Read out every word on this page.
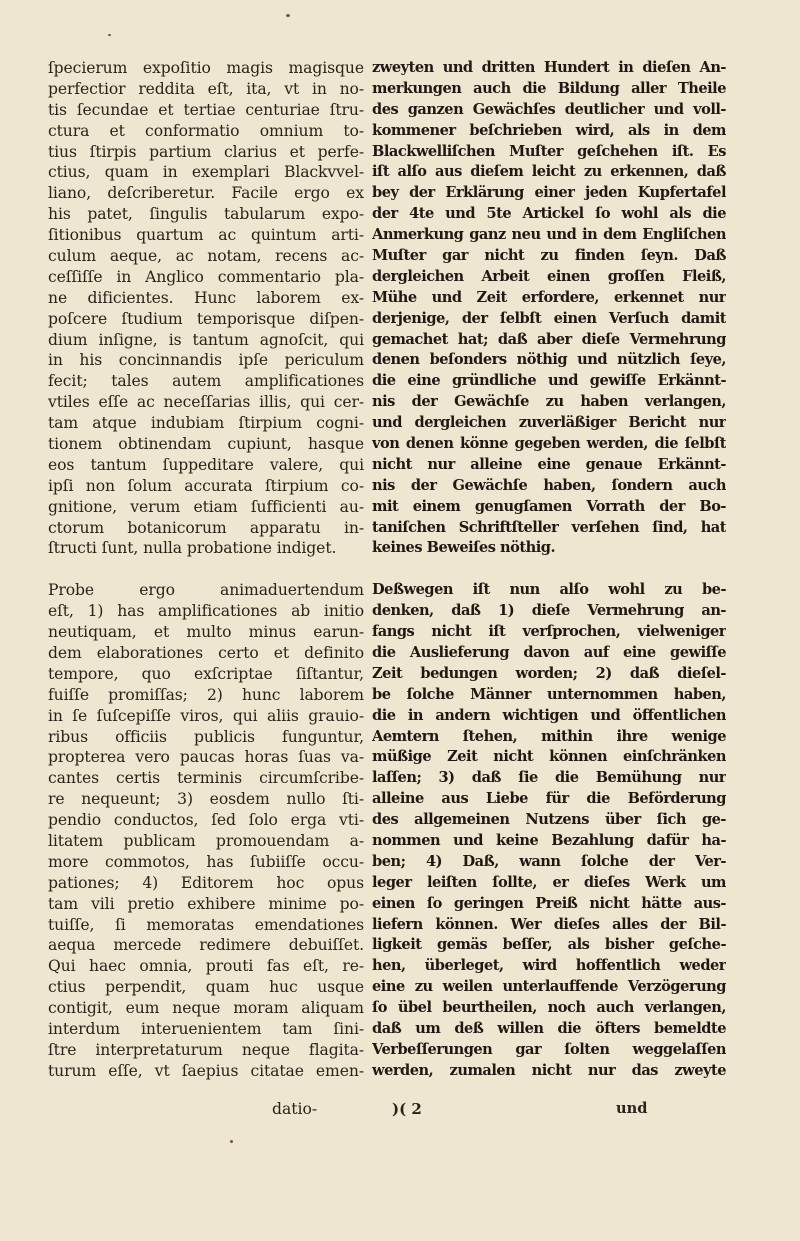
ſpecierum expoſitio magis magisque
perfectior reddita eſt, ita, vt in no-
tis ſecundae et tertiae centuriae ſtru-
ctura et conformatio omnium to-
tius ſtirpis partium clarius et perfe-
ctius, quam in exemplari Blackvvel-
liano, deſcriberetur. Facile ergo ex
his patet, ſingulis tabularum expo-
ſitionibus quartum ac quintum arti-
culum aeque, ac notam, recens ac-
ceſſiſſe in Anglico commentario pla-
ne dificientes. Hunc laborem ex-
poſcere ſtudium temporisque diſpen-
dium inſigne, is tantum agnoſcit, qui
in his concinnandis ipſe periculum
fecit; tales autem amplificationes
vtiles eſſe ac neceſſarias illis, qui cer-
tam atque indubiam ſtirpium cogni-
tionem obtinendam cupiunt, hasque
eos tantum ſuppeditare valere, qui
ipſi non ſolum accurata ſtirpium co-
gnitione, verum etiam ſufficienti au-
ctorum botanicorum apparatu in-
ſtructi ſunt, nulla probatione indiget.
Probe ergo animaduertendum
eſt, 1) has amplificationes ab initio
neutiquam, et multo minus earun-
dem elaborationes certo et definito
tempore, quo exſcriptae ſiſtantur,
fuiſſe promiſſas; 2) hunc laborem
in ſe ſuſcepiſſe viros, qui aliis grauio-
ribus officiis publicis funguntur,
propterea vero paucas horas ſuas va-
cantes certis terminis circumſcribe-
re nequeunt; 3) eosdem nullo ſti-
pendio conductos, ſed ſolo erga vti-
litatem publicam promouendam a-
more commotos, has ſubiiſſe occu-
pationes; 4) Editorem hoc opus
tam vili pretio exhibere minime po-
tuiſſe, ſi memoratas emendationes
aequa mercede redimere debuiſſet.
Qui haec omnia, prouti fas eſt, re-
ctius perpendit, quam huc usque
contigit, eum neque moram aliquam
interdum interuenientem tam ſini-
ſtre interpretaturum neque flagita-
turum eſſe, vt ſaepius citatae emen-
zweyten und dritten Hundert in dieſen An-
merkungen auch die Bildung aller Theile
des ganzen Gewächſes deutlicher und voll-
kommener beſchrieben wird, als in dem
Blackwelliſchen Muſter geſchehen iſt. Es
iſt alſo aus dieſem leicht zu erkennen, daß
bey der Erklärung einer jeden Kupfertafel
der 4te und 5te Artickel ſo wohl als die
Anmerkung ganz neu und in dem Engliſchen
Muſter gar nicht zu finden ſeyn. Daß
dergleichen Arbeit einen groſſen Fleiß,
Mühe und Zeit erfordere, erkennet nur
derjenige, der ſelbſt einen Verſuch damit
gemachet hat; daß aber dieſe Vermehrung
denen beſonders nöthig und nützlich ſeye,
die eine gründliche und gewiſſe Erkännt-
nis der Gewächſe zu haben verlangen,
und dergleichen zuverläßiger Bericht nur
von denen könne gegeben werden, die ſelbſt
nicht nur alleine eine genaue Erkännt-
nis der Gewächſe haben, ſondern auch
mit einem genugſamen Vorrath der Bo-
taniſchen Schriftſteller verſehen ſind, hat
keines Beweiſes nöthig.
Deßwegen iſt nun alſo wohl zu be-
denken, daß 1) dieſe Vermehrung an-
fangs nicht iſt verſprochen, vielweniger
die Auslieferung davon auf eine gewiſſe
Zeit bedungen worden; 2) daß dieſel-
be ſolche Männer unternommen haben,
die in andern wichtigen und öffentlichen
Aemtern ſtehen, mithin ihre wenige
müßige Zeit nicht können einſchränken
laſſen; 3) daß ſie die Bemühung nur
alleine aus Liebe für die Beförderung
des allgemeinen Nutzens über ſich ge-
nommen und keine Bezahlung dafür ha-
ben; 4) Daß, wann ſolche der Ver-
leger leiſten ſollte, er dieſes Werk um
einen ſo geringen Preiß nicht hätte aus-
liefern können. Wer dieſes alles der Bil-
ligkeit gemäs beſſer, als bisher geſche-
hen, überleget, wird hoffentlich weder
eine zu weilen unterlauffende Verzögerung
ſo übel beurtheilen, noch auch verlangen,
daß um deß willen die öfters bemeldte
Verbeſſerungen gar ſolten weggelaſſen
werden, zumalen nicht nur das zweyte
datio-	)( 2	und
